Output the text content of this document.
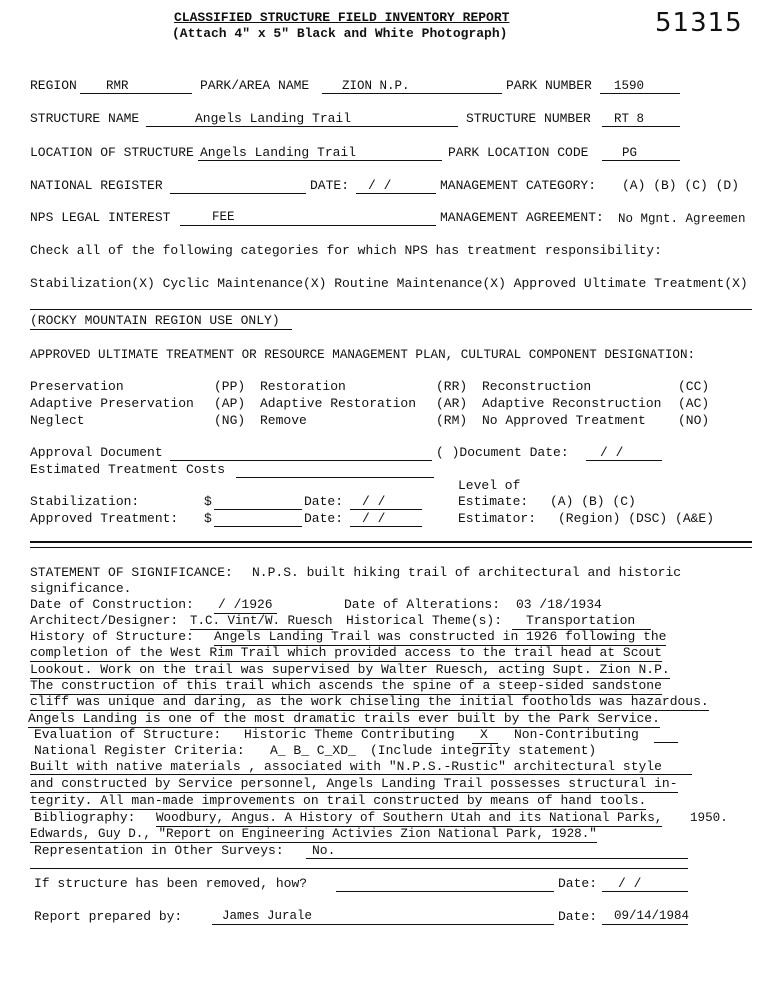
CLASSIFIED STRUCTURE FIELD INVENTORY REPORT
(Attach 4" x 5" Black and White Photograph)	51315
REGION RMR	PARK/AREA NAME	ZION N.P.	PARK NUMBER 1590
STRUCTURE NAME	Angels Landing Trail	STRUCTURE NUMBER RT 8
LOCATION OF STRUCTURE Angels Landing Trail	PARK LOCATION CODE	PG
NATIONAL REGISTER	DATE: / /	MANAGEMENT CATEGORY: (A) (B) (C) (D)
NPS LEGAL INTEREST	FEE	MANAGEMENT AGREEMENT: No Mgnt. Agreemen
Check all of the following categories for which NPS has treatment responsibility:
Stabilization(X) Cyclic Maintenance(X) Routine Maintenance(X) Approved Ultimate Treatment(X)
(ROCKY MOUNTAIN REGION USE ONLY)
APPROVED ULTIMATE TREATMENT OR RESOURCE MANAGEMENT PLAN, CULTURAL COMPONENT DESIGNATION:
Preservation	(PP) Restoration	(RR) Reconstruction	(CC)
Adaptive Preservation (AP) Adaptive Restoration (AR) Adaptive Reconstruction (AC)
Neglect	(NG) Remove	(RM) No Approved Treatment (NO)
Approval Document	( )Document Date: / /
Estimated Treatment Costs
Level of
Stabilization:	$	Date: / /	Estimate: (A) (B) (C)
Approved Treatment: $	Date: / /	Estimator: (Region) (DSC) (A&E)
STATEMENT OF SIGNIFICANCE: N.P.S. built hiking trail of architectural and historic
significance.
Date of Construction:	/ /1926	Date of Alterations: 03 /18/1934
Architect/Designer: T.C. Vint/W. Ruesch Historical Theme(s):	Transportation
History of Structure: Angels Landing Trail was constructed in 1926 following the
completion of the West Rim Trail which provided access to the trail head at Scout
Lookout. Work on the trail was supervised by Walter Ruesch, acting Supt. Zion N.P.
The construction of this trail which ascends the spine of a steep-sided sandstone
cliff was unique and daring, as the work chiseling the initial footholds was hazardous.
Angels Landing is one of the most dramatic trails ever built by the Park Service.
Evaluation of Structure: Historic Theme Contributing	X	Non-Contributing
National Register Criteria: A_ B_ C_XD_ (Include integrity statement)
Built with native materials , associated with "N.P.S.-Rustic" architectural style
and constructed by Service personnel, Angels Landing Trail possesses structural in-
tegrity. All man-made improvements on trail constructed by means of hand tools.
Bibliography: Woodbury, Angus. A History of Southern Utah and its National Parks, 1950.
Edwards, Guy D., "Report on Engineering Activies Zion National Park, 1928."
Representation in Other Surveys: No.
If structure has been removed, how?	Date: / /
Report prepared by:	James Jurale	Date: 09/14/1984
